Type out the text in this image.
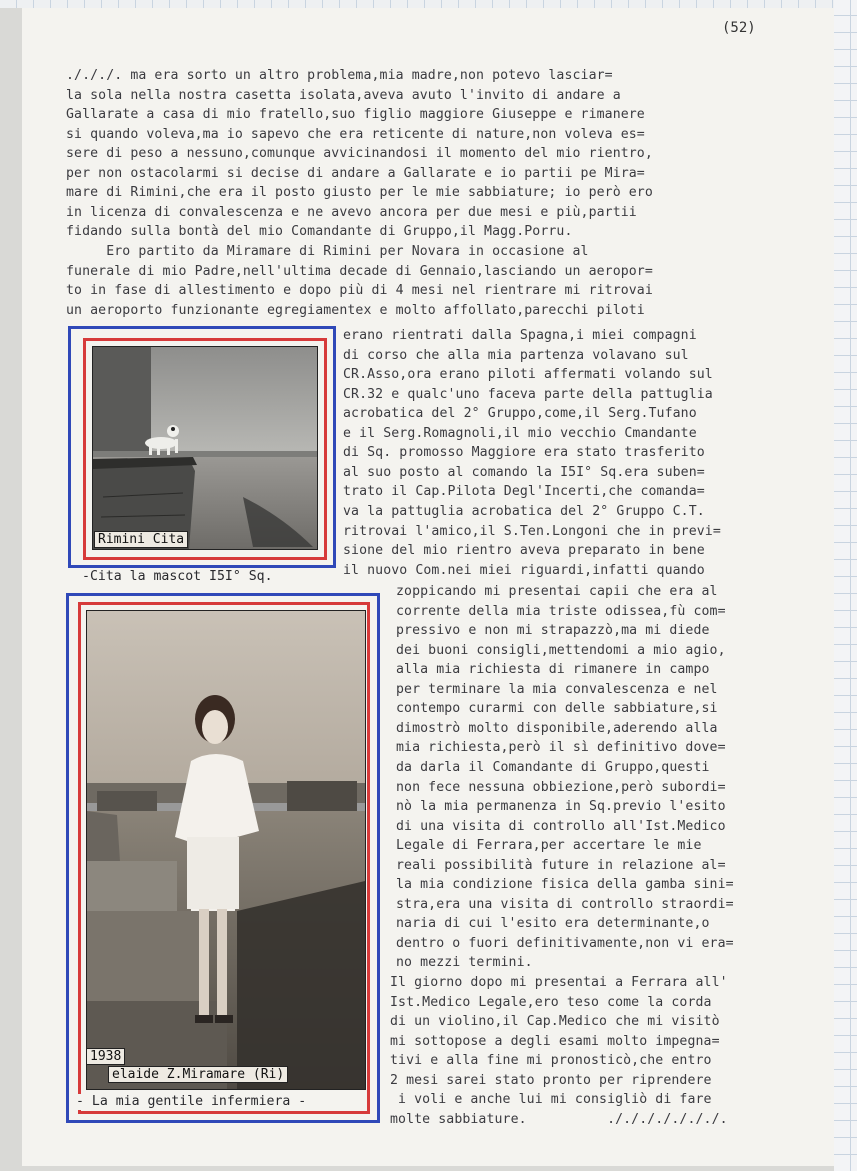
(52)
./././. ma era sorto un altro problema,mia madre,non potevo lasciar=
la sola nella nostra casetta isolata,aveva avuto l'invito di andare a
Gallarate a casa di mio fratello,suo figlio maggiore Giuseppe e rimanere
si quando voleva,ma io sapevo che era reticente di nature,non voleva es=
sere di peso a nessuno,comunque avvicinandosi il momento del mio rientro,
per non ostacolarmi si decise di andare a Gallarate e io partii pe Mira=
mare di Rimini,che era il posto giusto per le mie sabbiature; io però ero
in licenza di convalescenza e ne avevo ancora per due mesi e più,partii
fidando sulla bontà del mio Comandante di Gruppo,il Magg.Porru.
Ero partito da Miramare di Rimini per Novara in occasione al
funerale di mio Padre,nell'ultima decade di Gennaio,lasciando un aeropor=
to in fase di allestimento e dopo più di 4 mesi nel rientrare mi ritrovai
un aeroporto funzionante egregiamentex e molto affollato,parecchi piloti
erano rientrati dalla Spagna,i miei compagni
di corso che alla mia partenza volavano sul
CR.Asso,ora erano piloti affermati volando sul
CR.32 e qualc'uno faceva parte della pattuglia
acrobatica del 2° Gruppo,come,il Serg.Tufano
e il Serg.Romagnoli,il mio vecchio Cmandante
di Sq. promosso Maggiore era stato trasferito
al suo posto al comando la I5I° Sq.era suben=
trato il Cap.Pilota Degl'Incerti,che comanda=
va la pattuglia acrobatica del 2° Gruppo C.T.
ritrovai l'amico,il S.Ten.Longoni che in previ=
sione del mio rientro aveva preparato in bene
il nuovo Com.nei miei riguardi,infatti quando
zoppicando mi presentai capii che era al
corrente della mia triste odissea,fù com=
pressivo e non mi strapazzò,ma mi diede
dei buoni consigli,mettendomi a mio agio,
alla mia richiesta di rimanere in campo
per terminare la mia convalescenza e nel
contempo curarmi con delle sabbiature,si
dimostrò molto disponibile,aderendo alla
mia richiesta,però il sì definitivo dove=
da darla il Comandante di Gruppo,questi
non fece nessuna obbiezione,però subordi=
nò la mia permanenza in Sq.previo l'esito
di una visita di controllo all'Ist.Medico
Legale di Ferrara,per accertare le mie
reali possibilità future in relazione al=
la mia condizione fisica della gamba sini=
stra,era una visita di controllo straordi=
naria di cui l'esito era determinante,o
dentro o fuori definitivamente,non vi era=
no mezzi termini.
Il giorno dopo mi presentai a Ferrara all'
Ist.Medico Legale,ero teso come la corda
di un violino,il Cap.Medico che mi visitò
mi sottopose a degli esami molto impegna=
tivi e alla fine mi pronosticò,che entro
2 mesi sarei stato pronto per riprendere
i voli e anche lui mi consigliò di fare
molte sabbiature.          ./././././././.
Rimini Cita
-Cita la mascot I5I° Sq.
1938
elaide Z.Miramare (Ri)
- La mia gentile infermiera -
